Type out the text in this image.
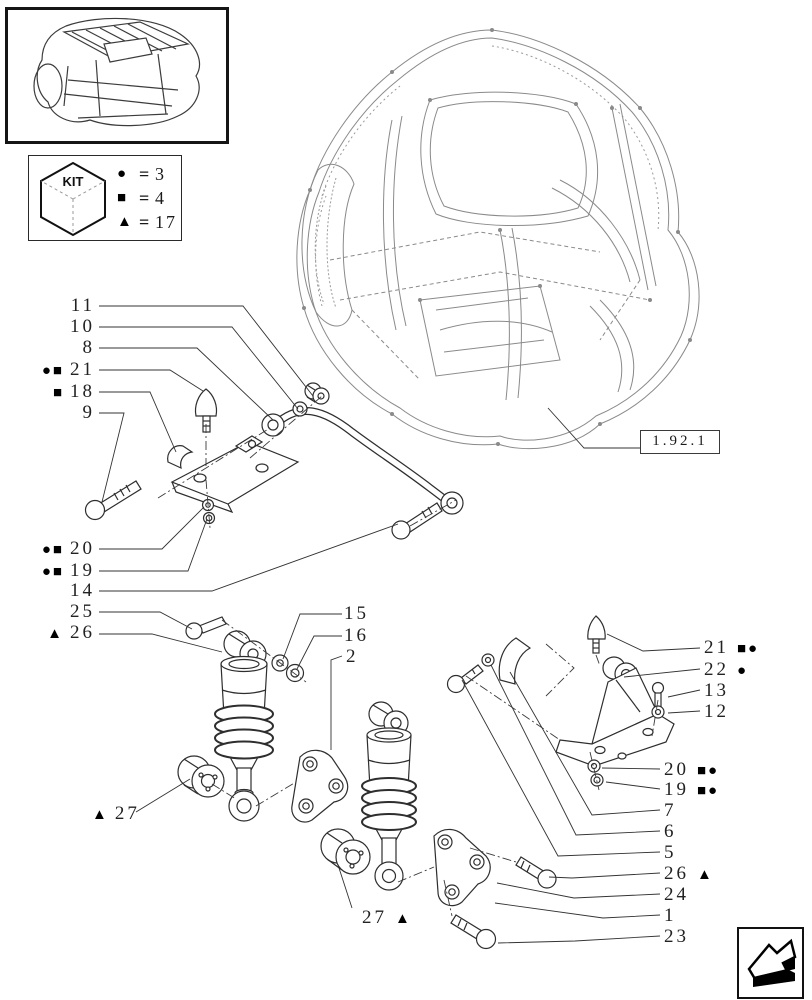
KIT ● = 3
■ = 4
▲ = 17
1.92.1
11
10
8
●■ 21
■ 18
9
●■ 20
●■ 19
14
25
▲ 26
15
16
2
▲ 27
27 ▲
21 ■●
22 ●
13
12
20 ■●
19 ■●
7
6
5
26 ▲
24
1
23
